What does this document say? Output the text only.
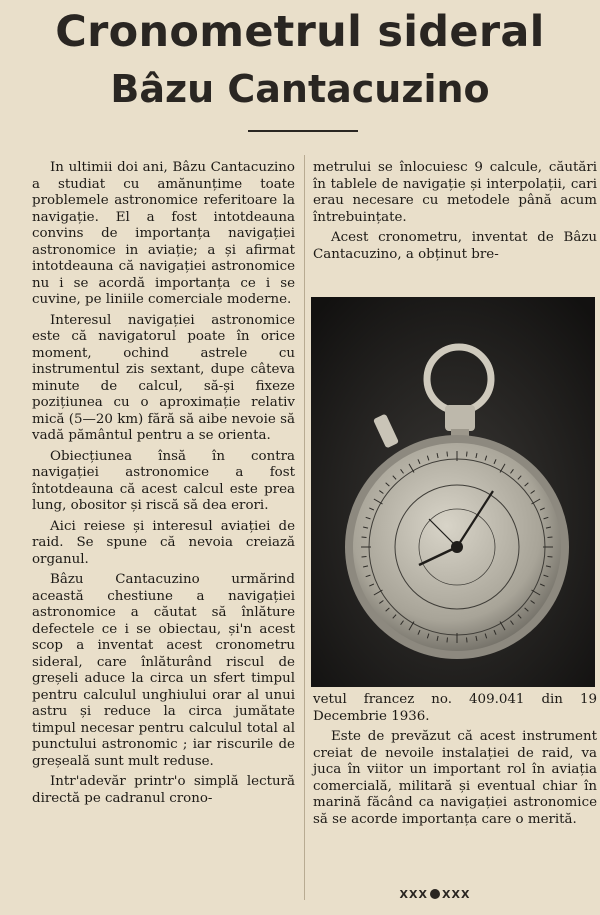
Cronometrul sideral
Bâzu Cantacuzino

In ultimii doi ani, Bâzu Cantacuzino a studiat cu amănunțime toate problemele astronomice referitoare la navigație. El a fost intotdeauna convins de importanța navigației astronomice in aviație; a și afirmat intotdeauna că navigației astronomice nu i se acordă importanța ce i se cuvine, pe liniile comerciale moderne.

Interesul navigației astronomice este că navigatorul poate în orice moment, ochind astrele cu instrumentul zis sextant, dupe câteva minute de calcul, să-și fixeze pozițiunea cu o aproximație relativ mică (5—20 km) fără să aibe nevoie să vadă pământul pentru a se orienta.

Obiecțiunea însă în contra navigației astronomice a fost întotdeauna că acest calcul este prea lung, obositor și riscă să dea erori.

Aici reiese și interesul aviației de raid. Se spune că nevoia creiază organul.

Bâzu Cantacuzino urmărind această chestiune a navigației astronomice a căutat să înlăture defectele ce i se obiectau, și'n acest scop a inventat acest cronometru sideral, care înlăturând riscul de greșeli aduce la circa un sfert timpul pentru calculul unghiului orar al unui astru și reduce la circa jumătate timpul necesar pentru calculul total al punctului astronomic ; iar riscurile de greșeală sunt mult reduse.

Intr'adevăr printr'o simplă lectură directă pe cadranul crono-

metrului se înlocuiesc 9 calcule, căutări în tablele de navigație și interpolații, cari erau necesare cu metodele până acum întrebuințate.

Acest cronometru, inventat de Bâzu Cantacuzino, a obținut bre-

vetul francez no. 409.041 din 19 Decembrie 1936.

Este de prevăzut că acest instrument creiat de nevoile instalației de raid, va juca în viitor un important rol în aviația comercială, militară și eventual chiar în marină făcând ca navigației astronomice să se acorde importanța care o merită.

XXX XXX
